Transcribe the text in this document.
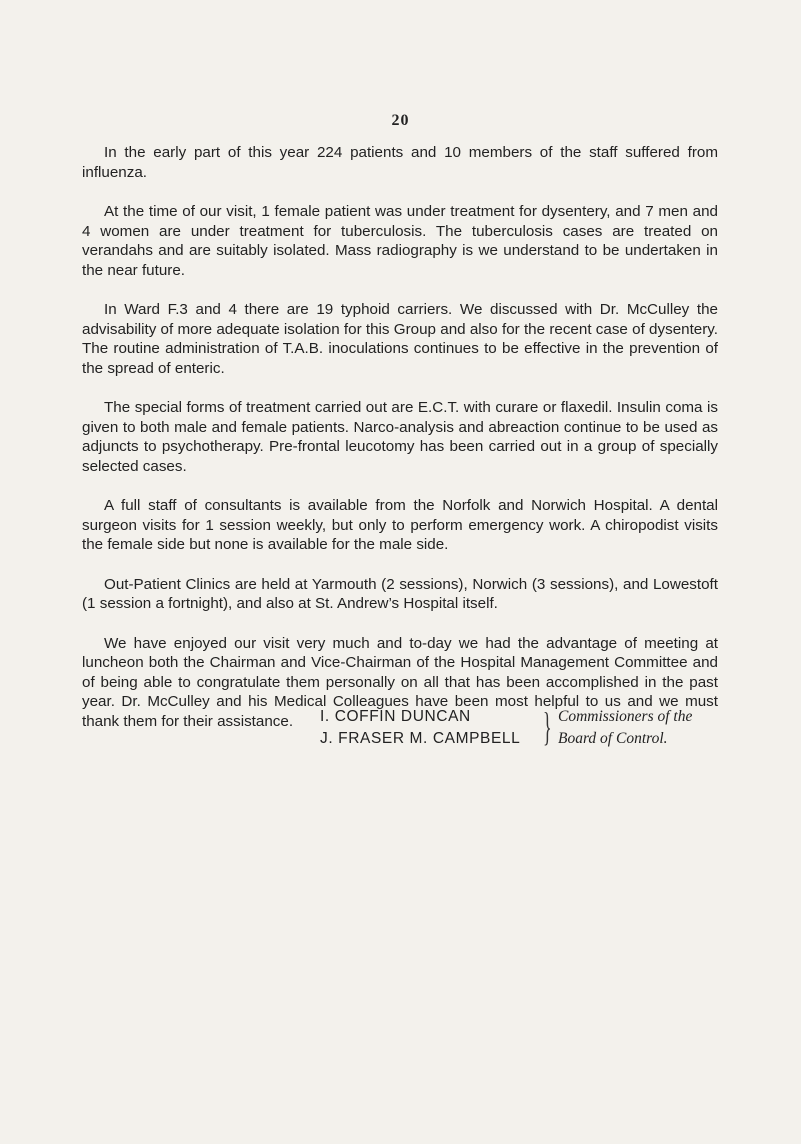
20

In the early part of this year 224 patients and 10 members of the staff suffered from influenza.

At the time of our visit, 1 female patient was under treatment for dysentery, and 7 men and 4 women are under treatment for tuberculosis. The tuberculosis cases are treated on verandahs and are suitably isolated. Mass radiography is we understand to be undertaken in the near future.

In Ward F.3 and 4 there are 19 typhoid carriers. We discussed with Dr. McCulley the advisability of more adequate isolation for this Group and also for the recent case of dysentery. The routine administration of T.A.B. inoculations continues to be effective in the prevention of the spread of enteric.

The special forms of treatment carried out are E.C.T. with curare or flaxedil. Insulin coma is given to both male and female patients. Narco-analysis and abreaction continue to be used as adjuncts to psychotherapy. Pre-frontal leucotomy has been carried out in a group of specially selected cases.

A full staff of consultants is available from the Norfolk and Norwich Hospital. A dental surgeon visits for 1 session weekly, but only to perform emergency work. A chiropodist visits the female side but none is available for the male side.

Out-Patient Clinics are held at Yarmouth (2 sessions), Norwich (3 sessions), and Lowestoft (1 session a fortnight), and also at St. Andrew’s Hospital itself.

We have enjoyed our visit very much and to-day we had the advantage of meeting at luncheon both the Chairman and Vice-Chairman of the Hospital Management Committee and of being able to congratulate them personally on all that has been accomplished in the past year. Dr. McCulley and his Medical Colleagues have been most helpful to us and we must thank them for their assistance.	I. COFFIN DUNCAN
J. FRASER M. CAMPBELL } Commissioners of the
Board of Control.
